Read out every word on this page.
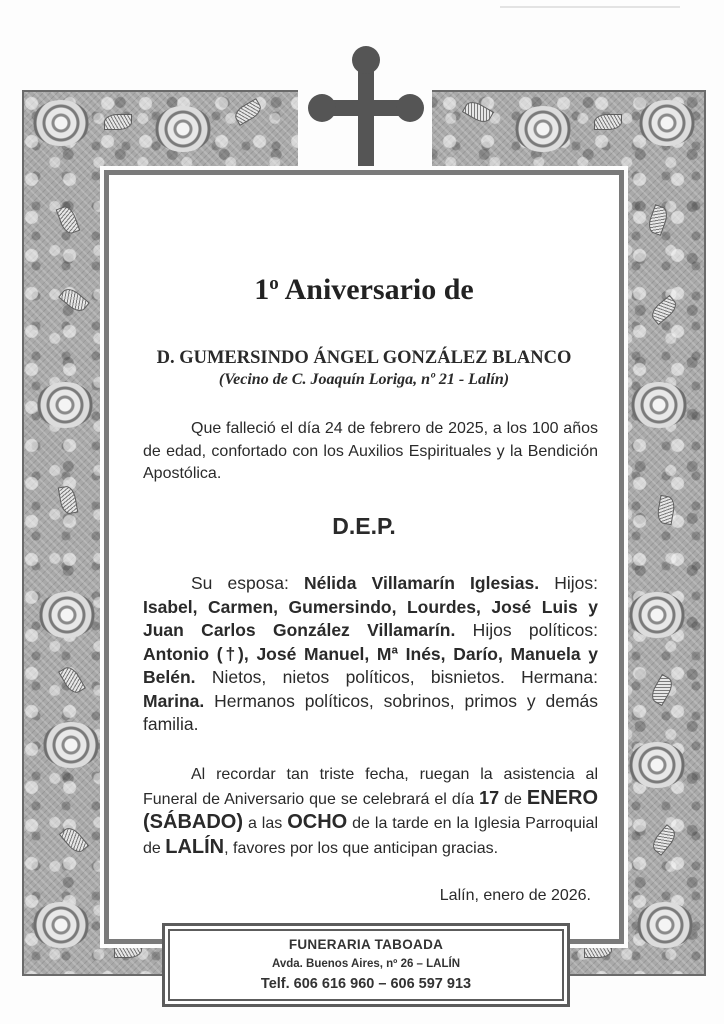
1$^o$ Aniversario de
D. GUMERSINDO ÁNGEL GONZÁLEZ BLANCO
(Vecino de C. Joaquín Loriga, nº 21 - Lalín)
Que falleció el día 24 de febrero de 2025, a los 100 años de edad, confortado con los Auxilios Espirituales y la Bendición Apostólica.
D.E.P.
Su esposa: Nélida Villamarín Iglesias. Hijos: Isabel, Carmen, Gumersindo, Lourdes, José Luis y Juan Carlos González Villamarín. Hijos políticos: Antonio (†), José Manuel, Mª Inés, Darío, Manuela y Belén. Nietos, nietos políticos, bisnietos. Hermana: Marina. Hermanos políticos, sobrinos, primos y demás familia.
Al recordar tan triste fecha, ruegan la asistencia al Funeral de Aniversario que se celebrará el día 17 de ENERO (SÁBADO) a las OCHO de la tarde en la Iglesia Parroquial de LALÍN, favores por los que anticipan gracias.
Lalín, enero de 2026.
FUNERARIA TABOADA
Avda. Buenos Aires, nº 26 – LALÍN
Telf. 606 616 960 – 606 597 913
